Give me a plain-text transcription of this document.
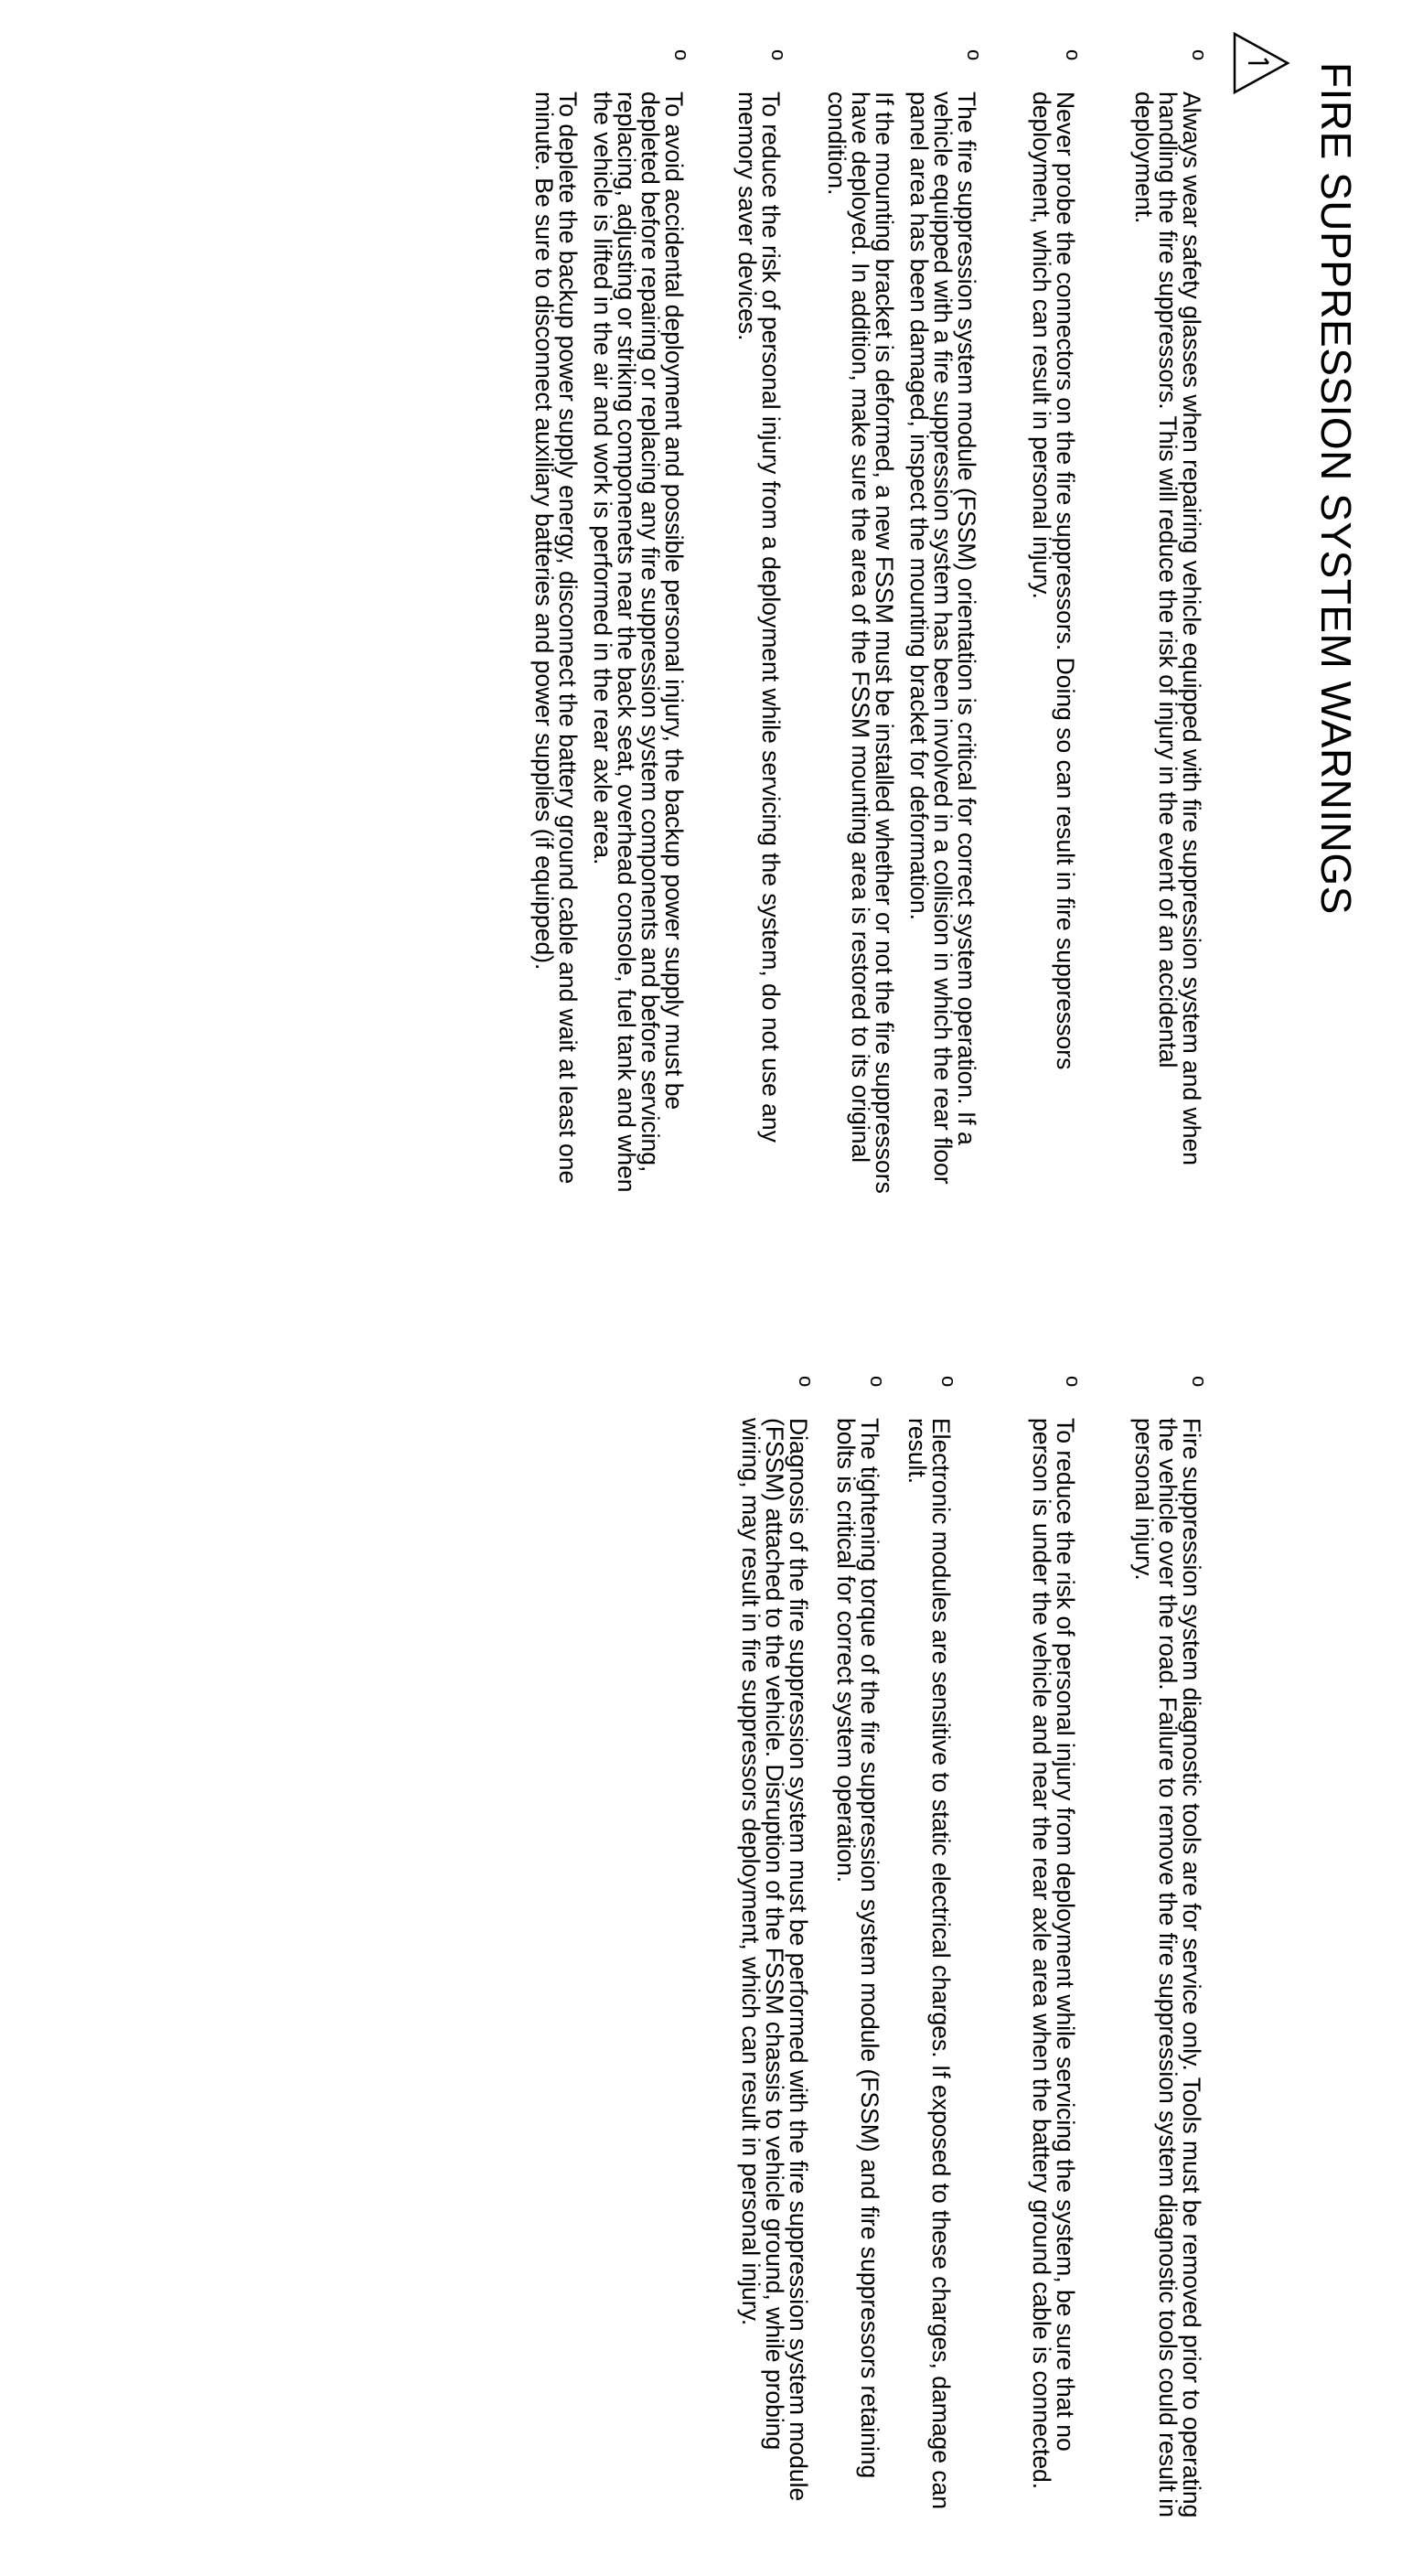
FIRE SUPPRESSION SYSTEM WARNINGS
o

Always wear safety glasses when repairing vehicle equipped with fire suppression system and when handling the fire suppressors. This will reduce the risk of injury in the event of an accidental deployment.

o

Never probe the connectors on the fire suppressors. Doing so can result in fire suppressors deployment, which can result in personal injury.

o

The fire suppression system module (FSSM) orientation is critical for correct system operation. If a vehicle equipped with a fire suppression system has been involved in a collision in which the rear floor panel area has been damaged, inspect the mounting bracket for deformation.

If the mounting bracket is deformed, a new FSSM must be installed whether or not the fire suppressors have deployed. In addition, make sure the area of the FSSM mounting area is restored to its original condition.

o

To reduce the risk of personal injury from a deployment while servicing the system, do not use any memory saver devices.

o

To avoid accidental deployment and possible personal injury, the backup power supply must be depleted before repairing or replacing any fire suppression system components and before servicing, replacing, adjusting or striking componenets near the back seat, overhead console, fuel tank and when the vehicle is lifted in the air and work is performed in the rear axle area.

To deplete the backup power supply energy, disconnect the battery ground cable and wait at least one minute. Be sure to disconnect auxiliary batteries and power supplies (if equipped).

o

Fire suppression system diagnostic tools are for service only. Tools must be removed prior to operating the vehicle over the road. Failure to remove the fire suppression system diagnostic tools could result in personal injury.

o

To reduce the risk of personal injury from deployment while servicing the system, be sure that no person is under the vehicle and near the rear axle area when the battery ground cable is connected.

o

Electronic modules are sensitive to static electrical charges. If exposed to these charges, damage can result.

o

The tightening torque of the fire suppression system module (FSSM) and fire suppressors retaining bolts is critical for correct system operation.

o

Diagnosis of the fire suppression system must be performed with the fire suppression system module (FSSM) attached to the vehicle. Disruption of the FSSM chassis to vehicle ground, while probing wiring, may result in fire suppressors deployment, which can result in personal injury.
